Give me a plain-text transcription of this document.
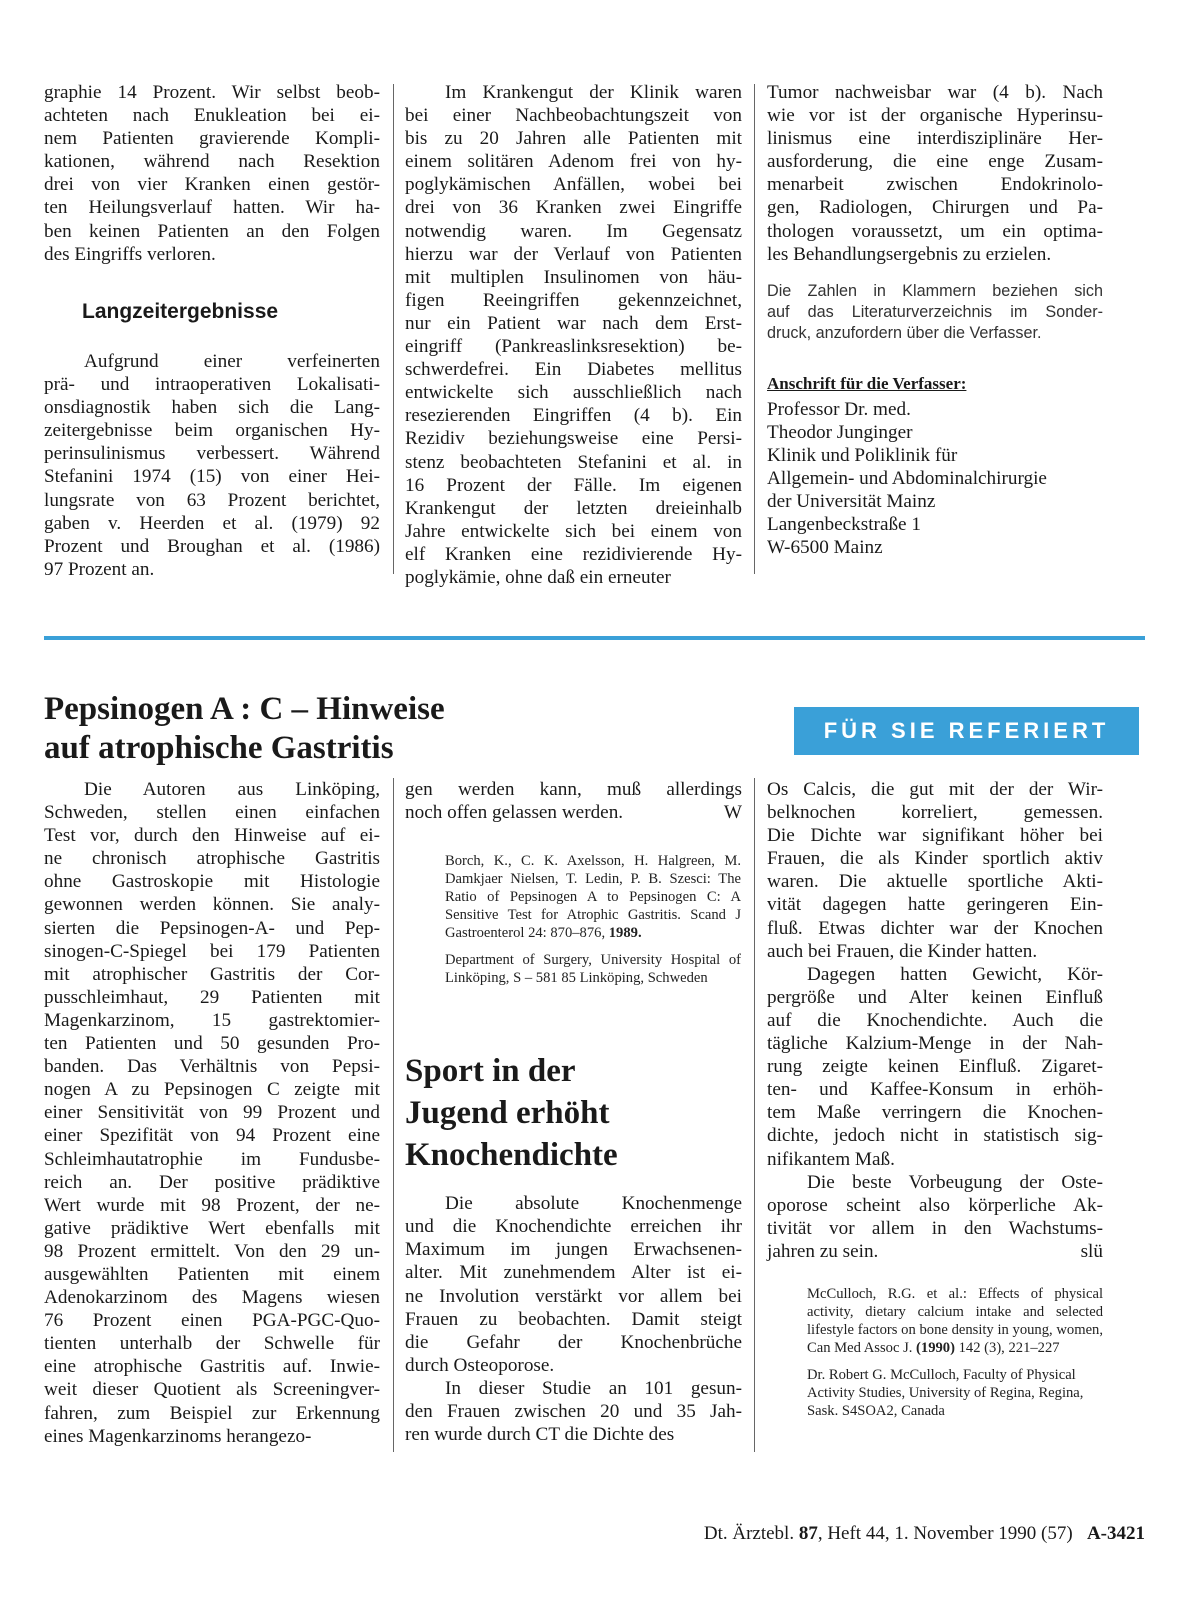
graphie 14 Prozent. Wir selbst beob-
achteten nach Enukleation bei ei-
nem Patienten gravierende Kompli-
kationen, während nach Resektion
drei von vier Kranken einen gestör-
ten Heilungsverlauf hatten. Wir ha-
ben keinen Patienten an den Folgen
des Eingriffs verloren.
Langzeitergebnisse
Aufgrund einer verfeinerten
prä- und intraoperativen Lokalisati-
onsdiagnostik haben sich die Lang-
zeitergebnisse beim organischen Hy-
perinsulinismus verbessert. Während
Stefanini 1974 (15) von einer Hei-
lungsrate von 63 Prozent berichtet,
gaben v. Heerden et al. (1979) 92
Prozent und Broughan et al. (1986)
97 Prozent an.
Im Krankengut der Klinik waren
bei einer Nachbeobachtungszeit von
bis zu 20 Jahren alle Patienten mit
einem solitären Adenom frei von hy-
poglykämischen Anfällen, wobei bei
drei von 36 Kranken zwei Eingriffe
notwendig waren. Im Gegensatz
hierzu war der Verlauf von Patienten
mit multiplen Insulinomen von häu-
figen Reeingriffen gekennzeichnet,
nur ein Patient war nach dem Erst-
eingriff (Pankreaslinksresektion) be-
schwerdefrei. Ein Diabetes mellitus
entwickelte sich ausschließlich nach
resezierenden Eingriffen (4 b). Ein
Rezidiv beziehungsweise eine Persi-
stenz beobachteten Stefanini et al. in
16 Prozent der Fälle. Im eigenen
Krankengut der letzten dreieinhalb
Jahre entwickelte sich bei einem von
elf Kranken eine rezidivierende Hy-
poglykämie, ohne daß ein erneuter
Tumor nachweisbar war (4 b). Nach
wie vor ist der organische Hyperinsu-
linismus eine interdisziplinäre Her-
ausforderung, die eine enge Zusam-
menarbeit zwischen Endokrinolo-
gen, Radiologen, Chirurgen und Pa-
thologen voraussetzt, um ein optima-
les Behandlungsergebnis zu erzielen.
Die Zahlen in Klammern beziehen sich
auf das Literaturverzeichnis im Sonder-
druck, anzufordern über die Verfasser.

Anschrift für die Verfasser:

Professor Dr. med.
Theodor Junginger
Klinik und Poliklinik für
Allgemein- und Abdominalchirurgie
der Universität Mainz
Langenbeckstraße 1
W-6500 Mainz
Pepsinogen A : C – Hinweise
auf atrophische Gastritis	FÜR SIE REFERIERT
Die Autoren aus Linköping,
Schweden, stellen einen einfachen
Test vor, durch den Hinweise auf ei-
ne chronisch atrophische Gastritis
ohne Gastroskopie mit Histologie
gewonnen werden können. Sie analy-
sierten die Pepsinogen-A- und Pep-
sinogen-C-Spiegel bei 179 Patienten
mit atrophischer Gastritis der Cor-
pusschleimhaut, 29 Patienten mit
Magenkarzinom, 15 gastrektomier-
ten Patienten und 50 gesunden Pro-
banden. Das Verhältnis von Pepsi-
nogen A zu Pepsinogen C zeigte mit
einer Sensitivität von 99 Prozent und
einer Spezifität von 94 Prozent eine
Schleimhautatrophie im Fundusbe-
reich an. Der positive prädiktive
Wert wurde mit 98 Prozent, der ne-
gative prädiktive Wert ebenfalls mit
98 Prozent ermittelt. Von den 29 un-
ausgewählten Patienten mit einem
Adenokarzinom des Magens wiesen
76 Prozent einen PGA-PGC-Quo-
tienten unterhalb der Schwelle für
eine atrophische Gastritis auf. Inwie-
weit dieser Quotient als Screeningver-
fahren, zum Beispiel zur Erkennung
eines Magenkarzinoms herangezo-
gen werden kann, muß allerdings
noch offen gelassen werden.	W

Borch, K., C. K. Axelsson, H. Halgreen, M. Damkjaer Nielsen, T. Ledin, P. B. Szesci: The Ratio of Pepsinogen A to Pepsinogen C: A Sensitive Test for Atrophic Gastritis. Scand J Gastroenterol 24: 870–876, 1989.

Department of Surgery, University Hospital of Linköping, S – 581 85 Linköping, Schweden

Sport in der
Jugend erhöht
Knochendichte
Die absolute Knochenmenge
und die Knochendichte erreichen ihr
Maximum im jungen Erwachsenen-
alter. Mit zunehmendem Alter ist ei-
ne Involution verstärkt vor allem bei
Frauen zu beobachten. Damit steigt
die Gefahr der Knochenbrüche
durch Osteoporose.
In dieser Studie an 101 gesun-
den Frauen zwischen 20 und 35 Jah-
ren wurde durch CT die Dichte des
Os Calcis, die gut mit der der Wir-
belknochen korreliert, gemessen.
Die Dichte war signifikant höher bei
Frauen, die als Kinder sportlich aktiv
waren. Die aktuelle sportliche Akti-
vität dagegen hatte geringeren Ein-
fluß. Etwas dichter war der Knochen
auch bei Frauen, die Kinder hatten.
Dagegen hatten Gewicht, Kör-
pergröße und Alter keinen Einfluß
auf die Knochendichte. Auch die
tägliche Kalzium-Menge in der Nah-
rung zeigte keinen Einfluß. Zigaret-
ten- und Kaffee-Konsum in erhöh-
tem Maße verringern die Knochen-
dichte, jedoch nicht in statistisch sig-
nifikantem Maß.
Die beste Vorbeugung der Oste-
oporose scheint also körperliche Ak-
tivität vor allem in den Wachstums-
jahren zu sein.	slü

McCulloch, R.G. et al.: Effects of physical activity, dietary calcium intake and selected lifestyle factors on bone density in young, women, Can Med Assoc J. (1990) 142 (3), 221–227

Dr. Robert G. McCulloch, Faculty of Physical Activity Studies, University of Regina, Regina, Sask. S4SOA2, Canada

Dt. Ärztebl. 87, Heft 44, 1. November 1990 (57) A-3421
